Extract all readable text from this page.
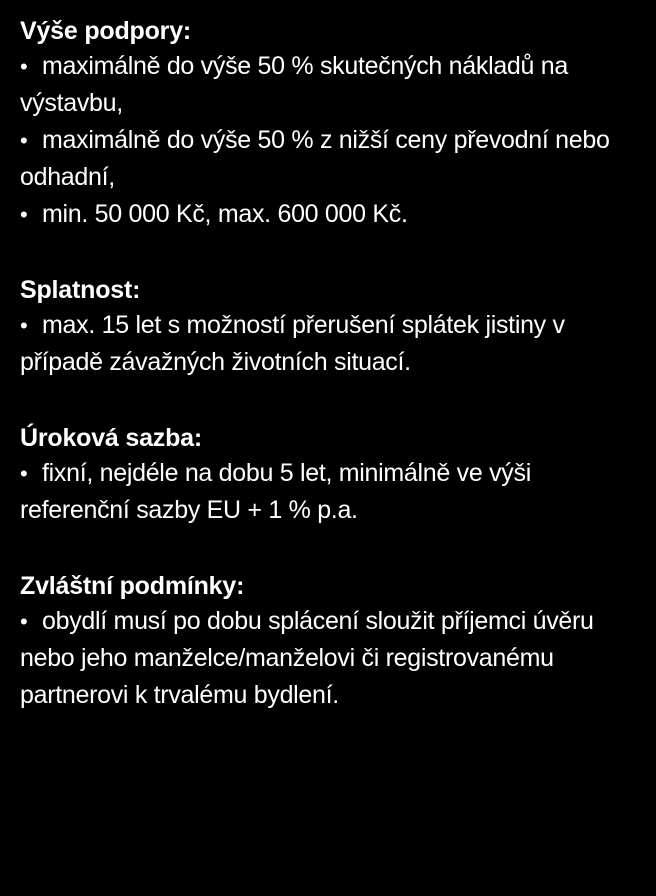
Výše podpory:
• maximálně do výše 50 % skutečných nákladů na výstavbu,
• maximálně do výše 50 % z nižší ceny převodní nebo odhadní,
• min. 50 000 Kč, max. 600 000 Kč.
Splatnost:
• max. 15 let s možností přerušení splátek jistiny v případě závažných životních situací.
Úroková sazba:
• fixní, nejdéle na dobu 5 let, minimálně ve výši referenční sazby EU + 1 % p.a.
Zvláštní podmínky:
• obydlí musí po dobu splácení sloužit příjemci úvěru nebo jeho manželce/manželovi či registrovanému partnerovi k trvalému bydlení.
